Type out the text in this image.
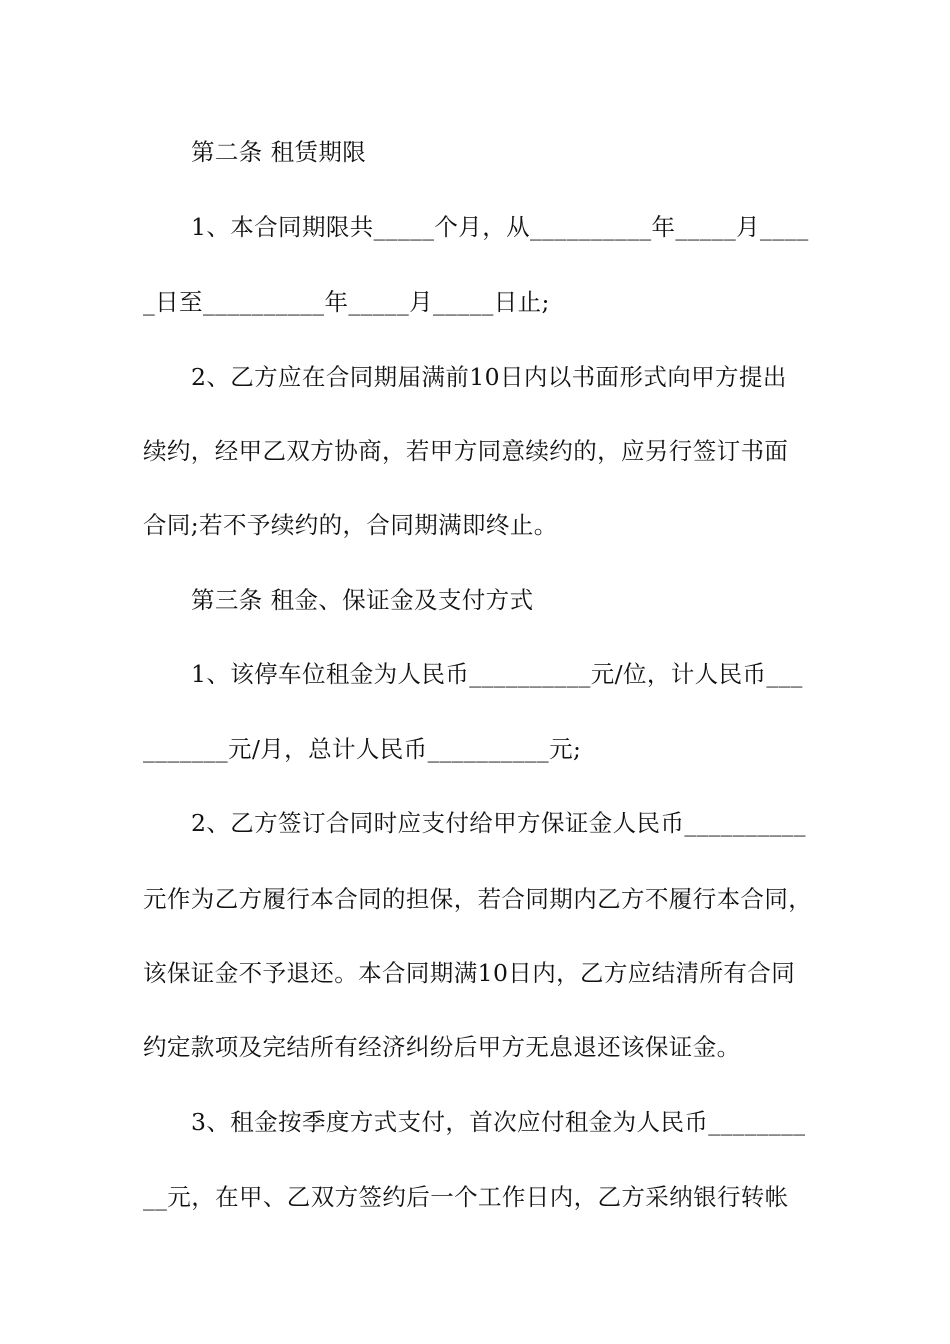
第二条 租赁期限
1、本合同期限共_____个月，从__________年_____月____
_日至__________年_____月_____日止;
2、乙方应在合同期届满前10日内以书面形式向甲方提出
续约，经甲乙双方协商，若甲方同意续约的，应另行签订书面
合同;若不予续约的，合同期满即终止。
第三条 租金、保证金及支付方式
1、该停车位租金为人民币__________元/位，计人民币___
_______元/月，总计人民币__________元;
2、乙方签订合同时应支付给甲方保证金人民币__________
元作为乙方履行本合同的担保，若合同期内乙方不履行本合同，
该保证金不予退还。本合同期满10日内，乙方应结清所有合同
约定款项及完结所有经济纠纷后甲方无息退还该保证金。
3、租金按季度方式支付，首次应付租金为人民币________
__元，在甲、乙双方签约后一个工作日内，乙方采纳银行转帐
